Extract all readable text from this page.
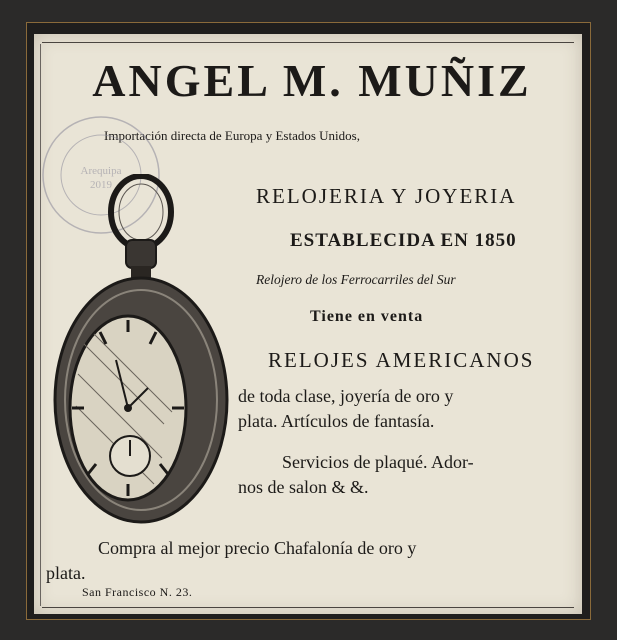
ANGEL M. MUÑIZ
Importación directa de Europa y Estados Unidos,
Arequipa
2019	RELOJERIA Y JOYERIA
ESTABLECIDA EN 1850
Relojero de los Ferrocarriles del Sur
Tiene en venta
RELOJES AMERICANOS
de toda clase, joyería de oro y
plata. Artículos de fantasía.
Servicios de plaqué. Ador-
nos de salon & &.
Compra al mejor precio Chafalonía de oro y
plata.
San Francisco N. 23.
